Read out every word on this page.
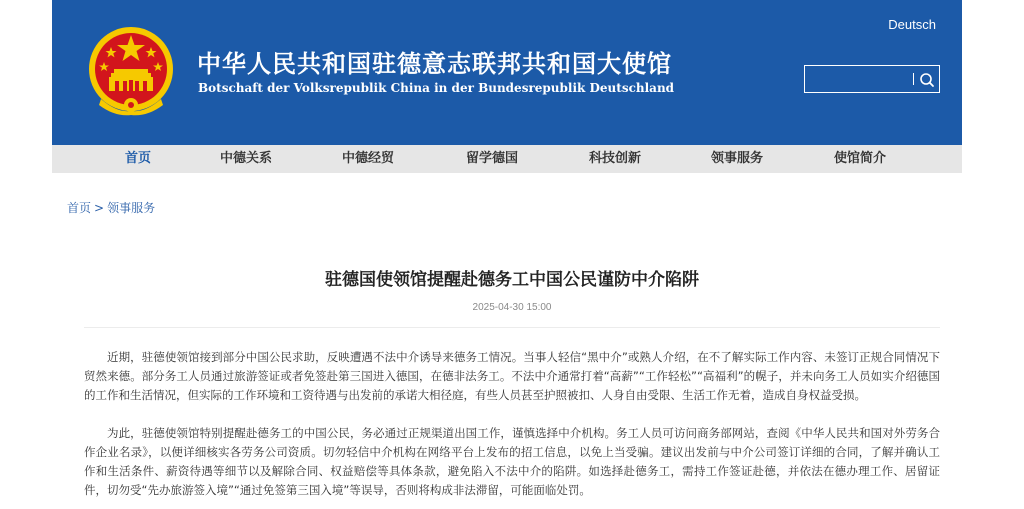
中华人民共和国驻德意志联邦共和国大使馆
Botschaft der Volksrepublik China in der Bundesrepublik Deutschland
Deutsch
首页	中德关系	中德经贸	留学德国	科技创新	领事服务	使馆简介
首页 > 领事服务
驻德国使领馆提醒赴德务工中国公民谨防中介陷阱
2025-04-30 15:00

近期，驻德使领馆接到部分中国公民求助，反映遭遇不法中介诱导来德务工情况。当事人轻信“黑中介”或熟人介绍，在不了解实际工作内容、未签订正规合同情况下贸然来德。部分务工人员通过旅游签证或者免签赴第三国进入德国，在德非法务工。不法中介通常打着“高薪”“工作轻松”“高福利”的幌子，并未向务工人员如实介绍德国的工作和生活情况，但实际的工作环境和工资待遇与出发前的承诺大相径庭，有些人员甚至护照被扣、人身自由受限、生活工作无着，造成自身权益受损。

为此，驻德使领馆特别提醒赴德务工的中国公民，务必通过正规渠道出国工作，谨慎选择中介机构。务工人员可访问商务部网站，查阅《中华人民共和国对外劳务合作企业名录》，以便详细核实各劳务公司资质。切勿轻信中介机构在网络平台上发布的招工信息，以免上当受骗。建议出发前与中介公司签订详细的合同，了解并确认工作和生活条件、薪资待遇等细节以及解除合同、权益赔偿等具体条款，避免陷入不法中介的陷阱。如选择赴德务工，需持工作签证赴德，并依法在德办理工作、居留证件，切勿受“先办旅游签入境”“通过免签第三国入境”等误导，否则将构成非法滞留，可能面临处罚。
